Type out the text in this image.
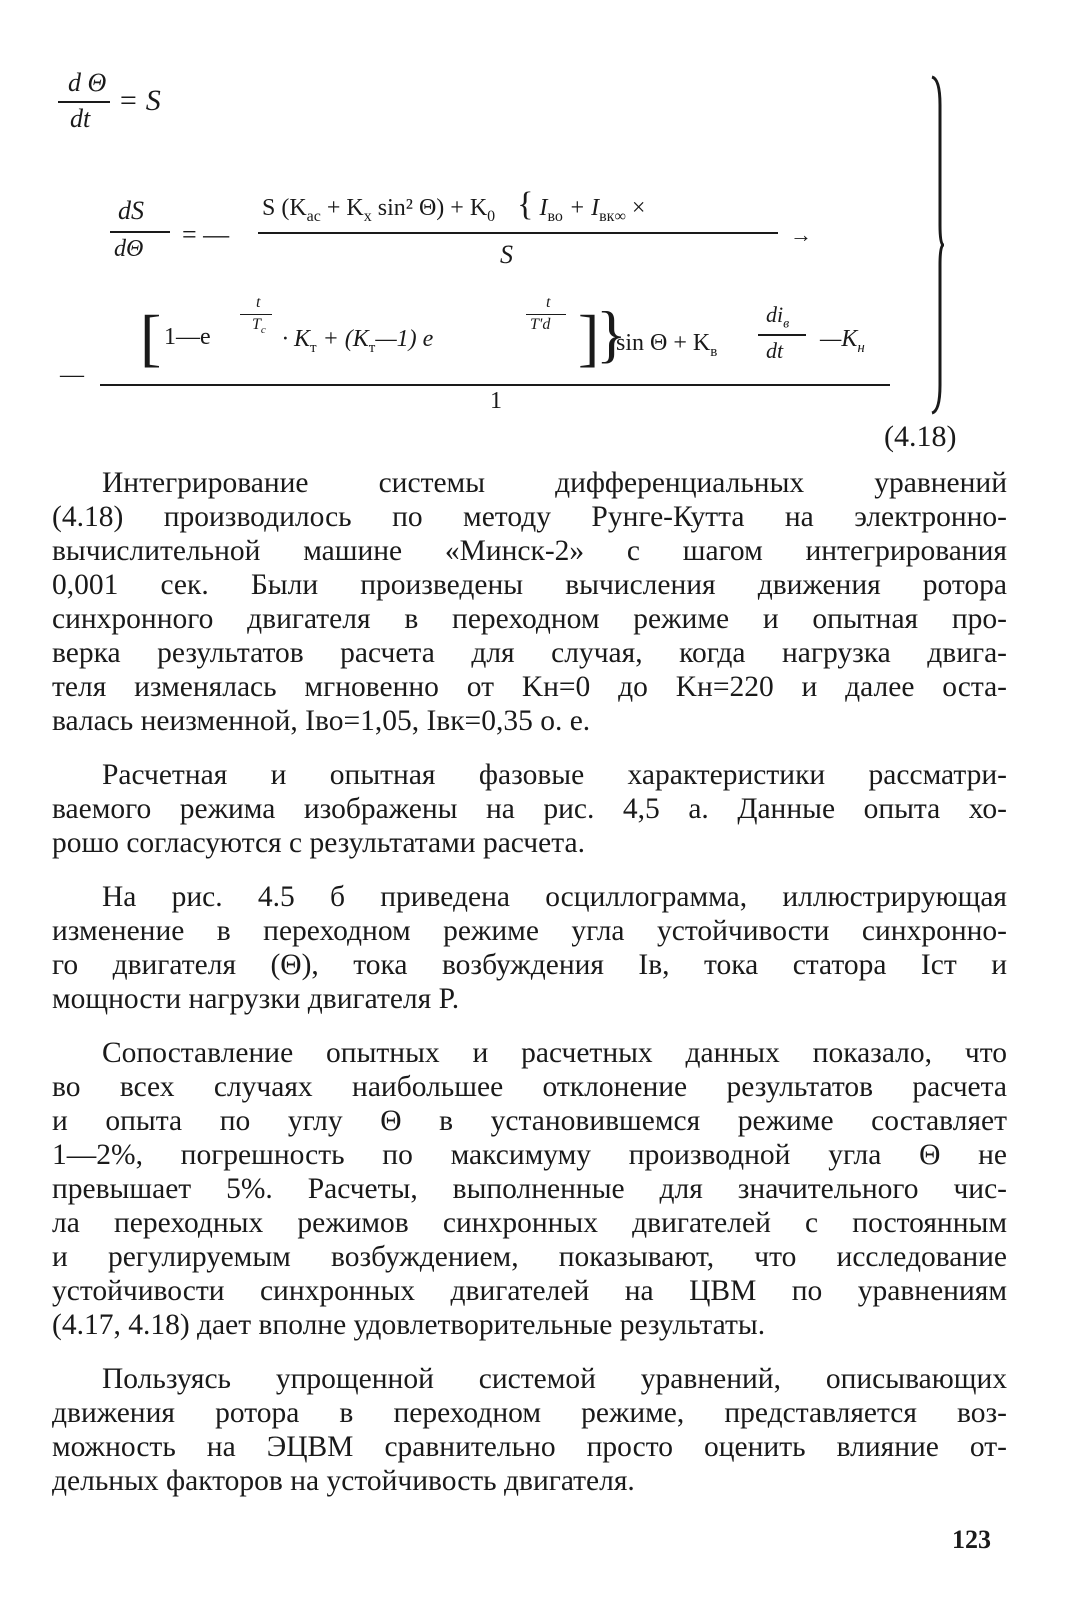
d Θ
dt
= S
dS
dΘ = —
S ($K_{ac} + K_x$ sin² $\Theta) + K_0$ { $I_{во} + I_{вк\infty}$ ×
S
→
—
[ 1—e
t
$T_c \cdot K_т$ + $(K_т—1)$ e
t
T'd ]
}
$\sin \Theta + K_в$
$di_в$
dt $—K_н$
1
(4.18)

Интегрирование системы дифференциальных уравнений
(4.18) производилось по методу Рунге-Кутта на электронно-
вычислительной машине «Минск-2» с шагом интегрирования
0,001 сек. Были произведены вычисления движения ротора
синхронного двигателя в переходном режиме и опытная про-
верка результатов расчета для случая, когда нагрузка двига-
теля изменялась мгновенно от Kн=0 до Kн=220 и далее оста-
валась неизменной, Iво=1,05, Iвк=0,35 о. е.

Расчетная и опытная фазовые характеристики рассматри-
ваемого режима изображены на рис. 4,5 а. Данные опыта хо-
рошо согласуются с результатами расчета.

На рис. 4.5 б приведена осциллограмма, иллюстрирующая
изменение в переходном режиме угла устойчивости синхронно-
го двигателя (Θ), тока возбуждения Iв, тока статора Iст и
мощности нагрузки двигателя P.

Сопоставление опытных и расчетных данных показало, что
во всех случаях наибольшее отклонение результатов расчета
и опыта по углу Θ в установившемся режиме составляет
1—2%, погрешность по максимуму производной угла Θ не
превышает 5%. Расчеты, выполненные для значительного чис-
ла переходных режимов синхронных двигателей с постоянным
и регулируемым возбуждением, показывают, что исследование
устойчивости синхронных двигателей на ЦВМ по уравнениям
(4.17, 4.18) дает вполне удовлетворительные результаты.

Пользуясь упрощенной системой уравнений, описывающих
движения ротора в переходном режиме, представляется воз-
можность на ЭЦВМ сравнительно просто оценить влияние от-
дельных факторов на устойчивость двигателя.

123
